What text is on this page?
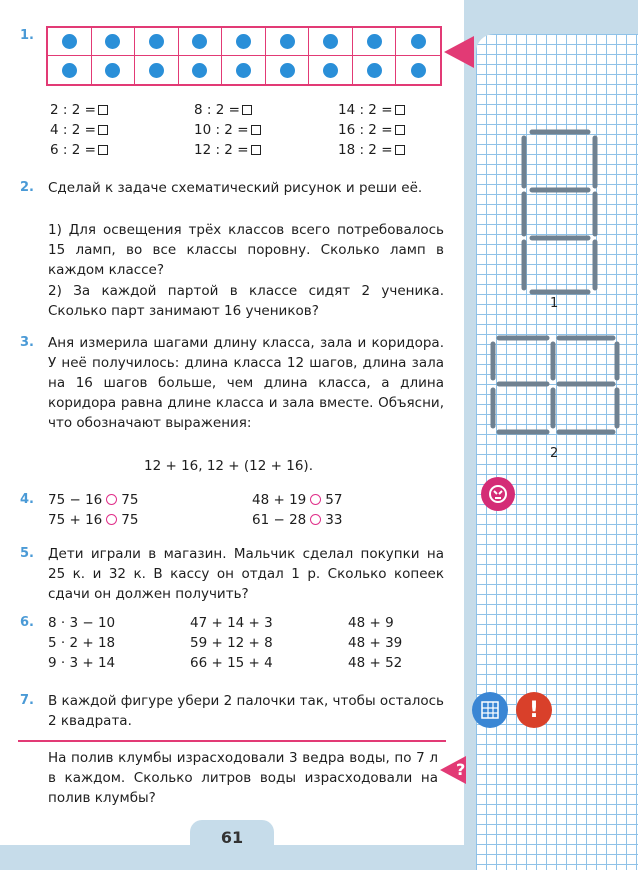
61
1.
2 : 2 =
4 : 2 =
6 : 2 =
8 : 2 =
10 : 2 =
12 : 2 =
14 : 2 =
16 : 2 =
18 : 2 =
2. Сделай к задаче схематический рисунок и реши её.
1) Для освещения трёх классов всего потребовалось 15 ламп, во все классы поровну. Сколько ламп в каждом классе?
2) За каждой партой в классе сидят 2 ученика. Сколько парт занимают 16 учеников?
3. Аня измерила шагами длину класса, зала и коридора. У неё получилось: длина класса 12 шагов, длина зала на 16 шагов больше, чем длина класса, а длина коридора равна длине класса и зала вместе. Объясни, что обозначают выражения:
12 + 16, 12 + (12 + 16).
4. 75 − 16 75
75 + 16 75
48 + 19 57
61 − 28 33
5. Дети играли в магазин. Мальчик сделал покупки на 25 к. и 32 к. В кассу он отдал 1 р. Сколько копеек сдачи он должен получить?
6. 8 · 3 − 10
5 · 2 + 18
9 · 3 + 14
47 + 14 + 3
59 + 12 + 8
66 + 15 + 4
48 + 9
48 + 39
48 + 52
7. В каждой фигуре убери 2 палочки так, чтобы осталось 2 квадрата.
На полив клумбы израсходовали 3 ведра воды, по 7 л в каждом. Сколько литров воды израсходовали на полив клумбы?
?
!
1
2
